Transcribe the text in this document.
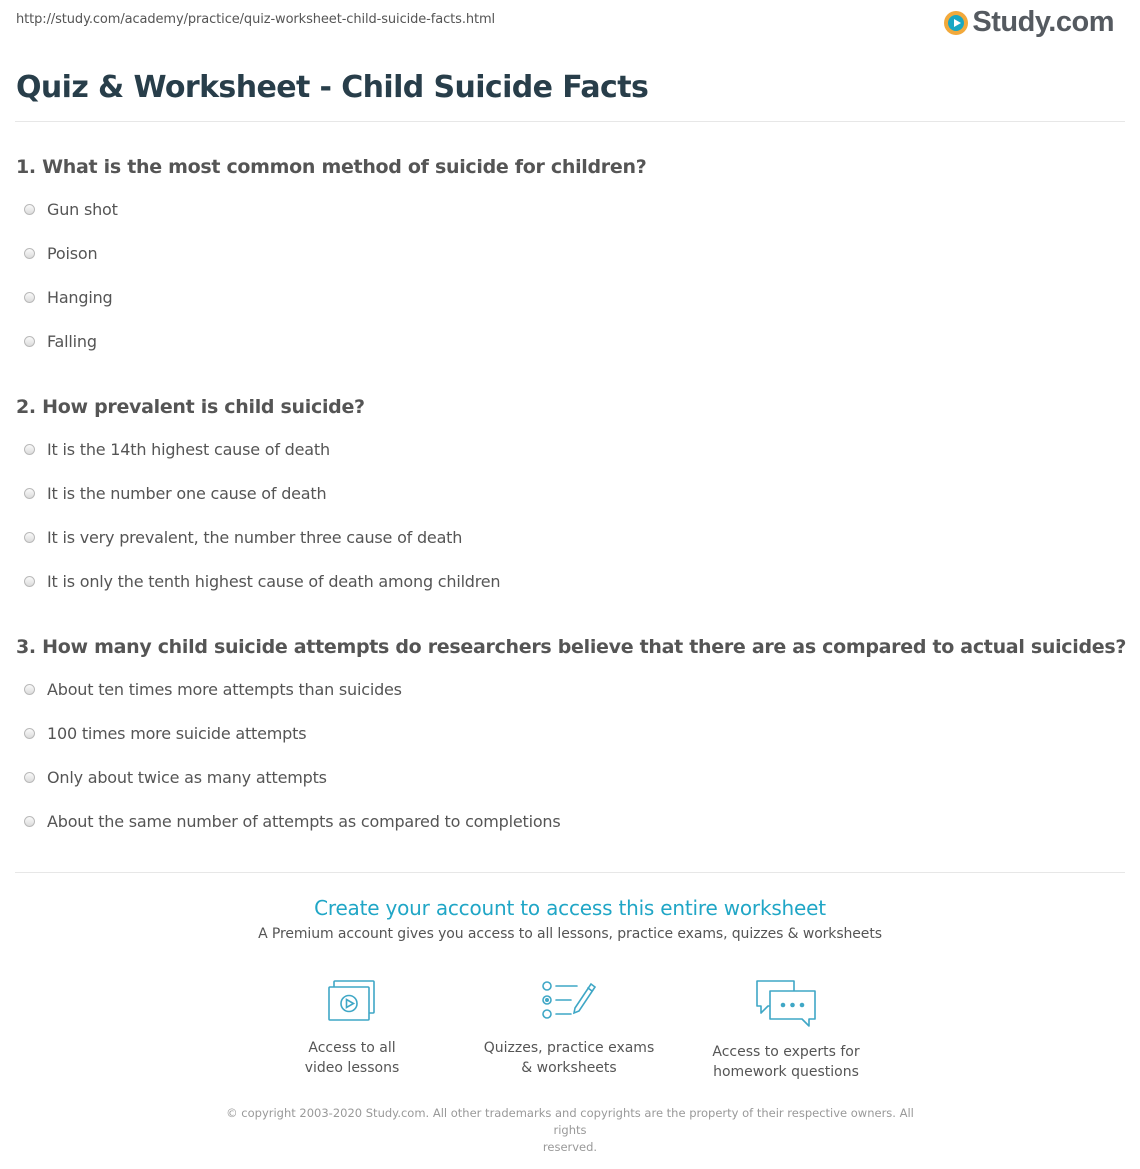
http://study.com/academy/practice/quiz-worksheet-child-suicide-facts.html	Study.com
Quiz & Worksheet - Child Suicide Facts
1. What is the most common method of suicide for children?
Gun shot
Poison
Hanging
Falling
2. How prevalent is child suicide?
It is the 14th highest cause of death
It is the number one cause of death
It is very prevalent, the number three cause of death
It is only the tenth highest cause of death among children
3. How many child suicide attempts do researchers believe that there are as compared to actual suicides?
About ten times more attempts than suicides
100 times more suicide attempts
Only about twice as many attempts
About the same number of attempts as compared to completions
Create your account to access this entire worksheet
A Premium account gives you access to all lessons, practice exams, quizzes & worksheets
Access to all
video lessons
Quizzes, practice exams
& worksheets
Access to experts for
homework questions
© copyright 2003-2020 Study.com. All other trademarks and copyrights are the property of their respective owners. All rights
reserved.
